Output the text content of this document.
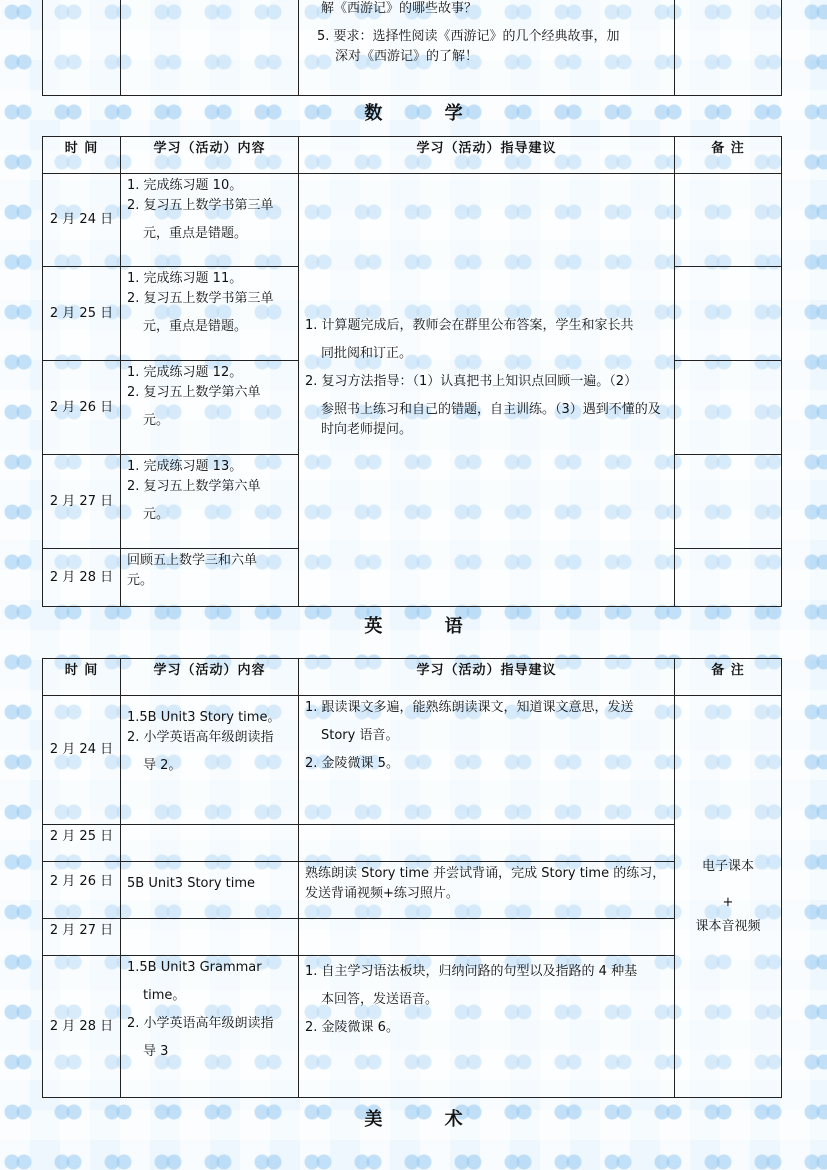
解《西游记》的哪些故事？
5. 要求：选择性阅读《西游记》的几个经典故事，加
深对《西游记》的了解！

数 学
时 间	学习（活动）内容	学习（活动）指导建议	备 注
2 月 24 日	1. 完成练习题 10。
2. 复习五上数学书第三单
元，重点是错题。	1. 计算题完成后，教师会在群里公布答案，学生和家长共
同批阅和订正。
2. 复习方法指导：（1）认真把书上知识点回顾一遍。（2）
参照书上练习和自己的错题，自主训练。（3）遇到不懂的及时向老师提问。	

2 月 25 日	1. 完成练习题 11。
2. 复习五上数学书第三单
元，重点是错题。		

2 月 26 日	1. 完成练习题 12。
2. 复习五上数学第六单
元。		

2 月 27 日	1. 完成练习题 13。
2. 复习五上数学第六单
元。		

2 月 28 日	回顾五上数学三和六单
元。		

英 语
时 间	学习（活动）内容	学习（活动）指导建议	备 注
2 月 24 日	1.5B Unit3 Story time。2. 小学英语高年级朗读指
导 2。	1. 跟读课文多遍，能熟练朗读课文，知道课文意思，发送
Story 语音。
2. 金陵微课 5。	电子课本
+
课本音视频

2 月 25 日			
2 月 26 日	5B Unit3 Story time	熟练朗读 Story time 并尝试背诵，完成 Story time 的练习，发送背诵视频+练习照片。	

2 月 27 日			
2 月 28 日	1.5B Unit3 Grammar
time。
2. 小学英语高年级朗读指
导 3	1. 自主学习语法板块，归纳问路的句型以及指路的 4 种基
本回答，发送语音。
2. 金陵微课 6。	
美 术
